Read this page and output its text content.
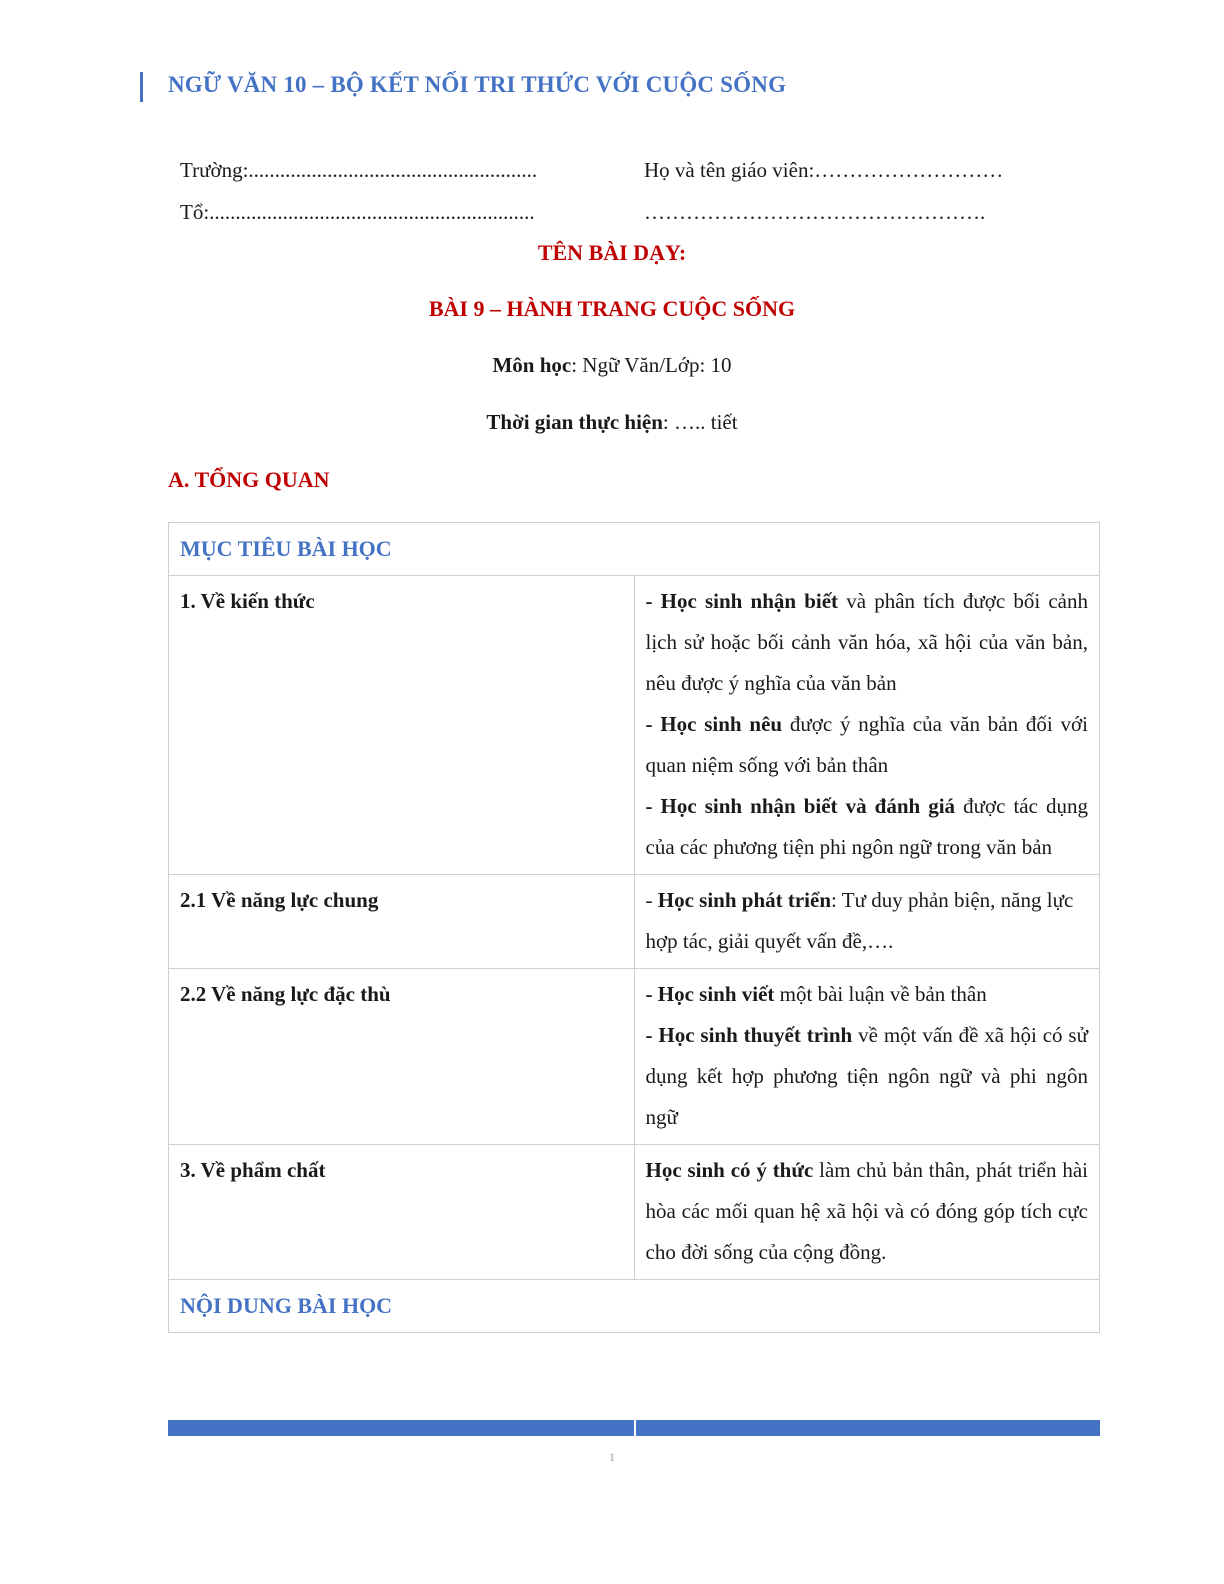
NGỮ VĂN 10 – BỘ KẾT NỐI TRI THỨC VỚI CUỘC SỐNG
Trường:.......................................................	Họ và tên giáo viên:………………………
Tổ:..............................................................	………………………………………….
TÊN BÀI DẠY:
BÀI 9 – HÀNH TRANG CUỘC SỐNG
Môn học: Ngữ Văn/Lớp: 10
Thời gian thực hiện: ….. tiết
A. TỔNG QUAN
MỤC TIÊU BÀI HỌC	
1. Về kiến thức	- Học sinh nhận biết và phân tích được bối cảnh lịch sử hoặc bối cảnh văn hóa, xã hội của văn bản, nêu được ý nghĩa của văn bản

- Học sinh nêu được ý nghĩa của văn bản đối với quan niệm sống với bản thân

- Học sinh nhận biết và đánh giá được tác dụng của các phương tiện phi ngôn ngữ trong văn bản

2.1 Về năng lực chung	- Học sinh phát triển: Tư duy phản biện, năng lực hợp tác, giải quyết vấn đề,….

2.2 Về năng lực đặc thù	- Học sinh viết một bài luận về bản thân

- Học sinh thuyết trình về một vấn đề xã hội có sử dụng kết hợp phương tiện ngôn ngữ và phi ngôn ngữ

3. Về phẩm chất	Học sinh có ý thức làm chủ bản thân, phát triển hài hòa các mối quan hệ xã hội và có đóng góp tích cực cho đời sống của cộng đồng.

NỘI DUNG BÀI HỌC	
1
